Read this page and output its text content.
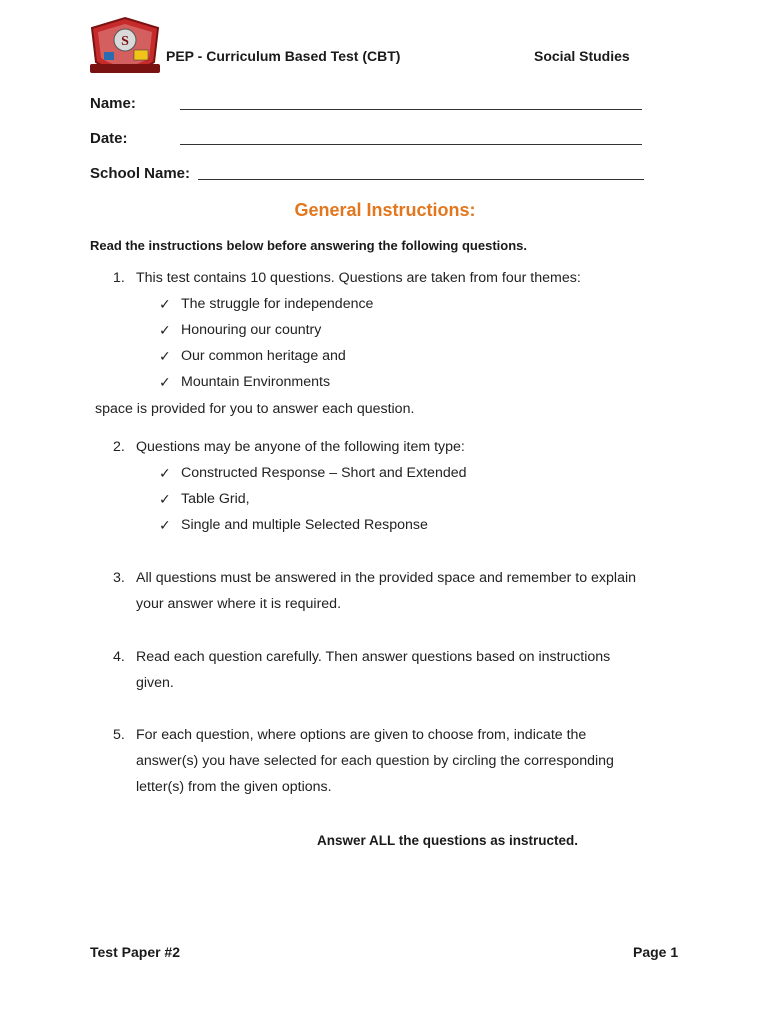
S
PEP - Curriculum Based Test (CBT)	Social Studies
Name:
Date:
School Name:
General Instructions:
Read the instructions below before answering the following questions.
1. This test contains 10 questions. Questions are taken from four themes:
✓ The struggle for independence
✓ Honouring our country
✓ Our common heritage and
✓ Mountain Environments
space is provided for you to answer each question.
2. Questions may be anyone of the following item type:
✓ Constructed Response – Short and Extended
✓ Table Grid,
✓ Single and multiple Selected Response
3. All questions must be answered in the provided space and remember to explain
your answer where it is required.
4. Read each question carefully. Then answer questions based on instructions
given.
5. For each question, where options are given to choose from, indicate the
answer(s) you have selected for each question by circling the corresponding
letter(s) from the given options.
Answer ALL the questions as instructed.
Test Paper #2	Page 1
